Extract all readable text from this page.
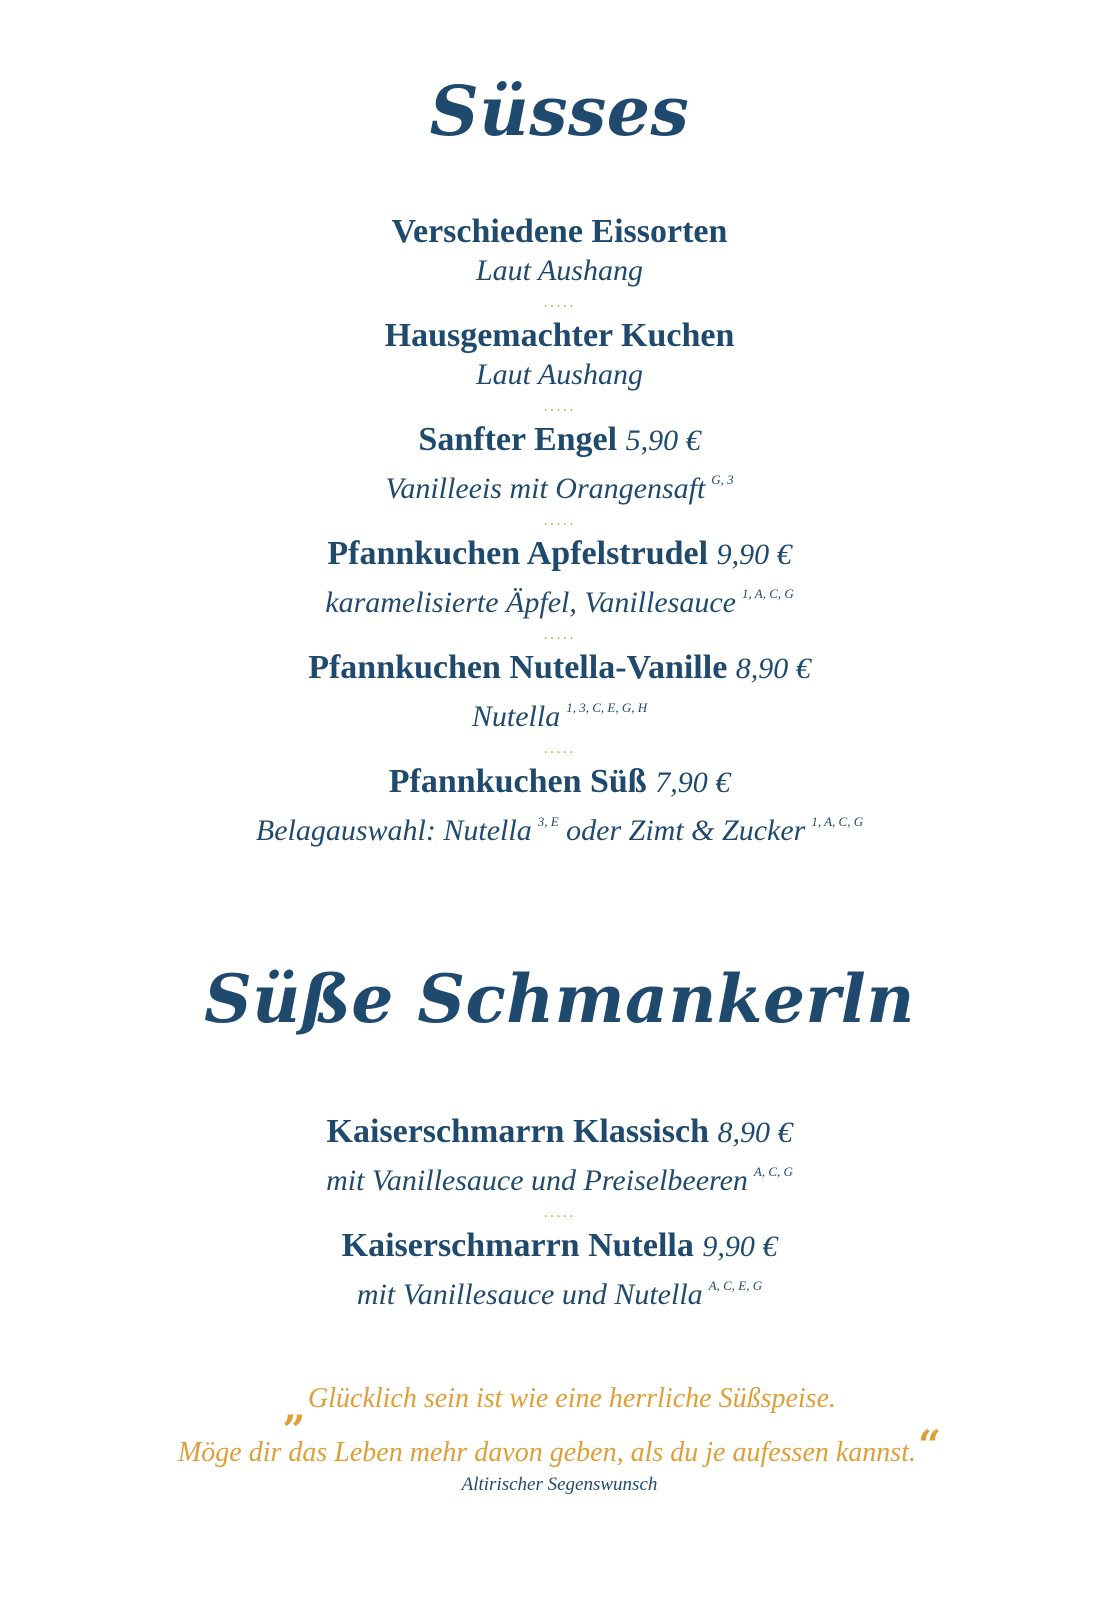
Süsses
Verschiedene Eissorten
Laut Aushang
.....
Hausgemachter Kuchen
Laut Aushang
.....
Sanfter Engel 5,90 €
Vanilleeis mit Orangensaft $^{G, 3}$
.....
Pfannkuchen Apfelstrudel 9,90 €
karamelisierte Äpfel, Vanillesauce $^{1, A, C, G}$
.....
Pfannkuchen Nutella-Vanille 8,90 €
Nutella $^{1, 3, C, E, G, H}$
.....
Pfannkuchen Süß 7,90 €
Belagauswahl: Nutella $^{3, E}$ oder Zimt & Zucker $^{1, A, C, G}$
Süße Schmankerln
Kaiserschmarrn Klassisch 8,90 €
mit Vanillesauce und Preiselbeeren $^{A, C, G}$
.....
Kaiserschmarrn Nutella 9,90 €
mit Vanillesauce und Nutella $^{A, C, E, G}$
„Glücklich sein ist wie eine herrliche Süßspeise.
Möge dir das Leben mehr davon geben, als du je aufessen kannst.“
Altirischer Segenswunsch
